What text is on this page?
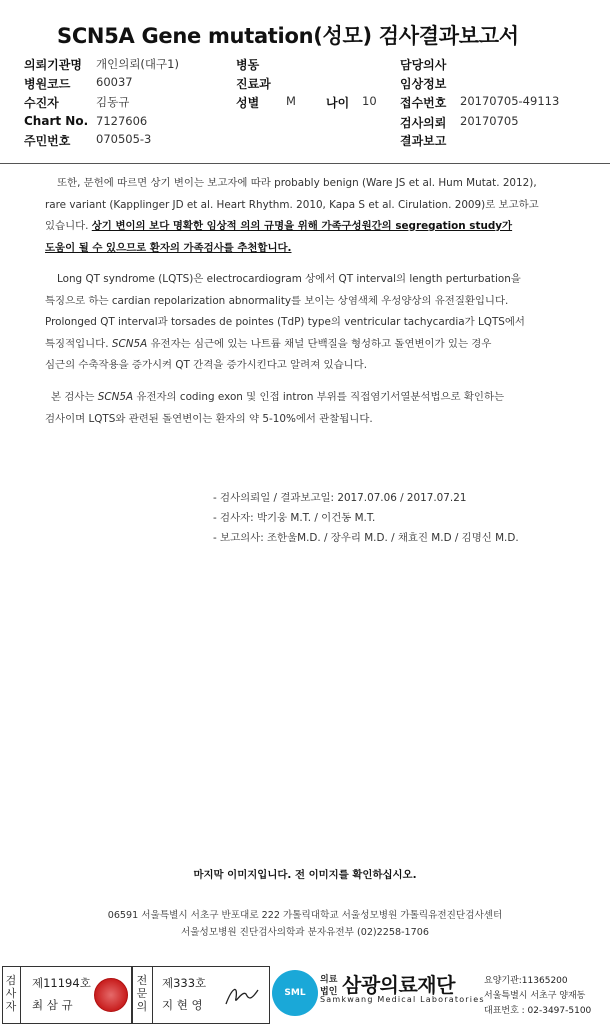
SCN5A Gene mutation(성모) 검사결과보고서
의뢰기관명 개인의뢰(대구1)
병원코드 60037
수진자	김동규
Chart No. 7127606
주민번호 070505-3
병동
진료과
성별 M	나이 10
담당의사
임상정보
접수번호 20170705-49113
검사의뢰 20170705
결과보고
또한, 문헌에 따르면 상기 변이는 보고자에 따라 probably benign (Ware JS et al. Hum Mutat. 2012),
rare variant (Kapplinger JD et al. Heart Rhythm. 2010, Kapa S et al. Cirulation. 2009)로 보고하고
있습니다. 상기 변이의 보다 명확한 임상적 의의 규명을 위해 가족구성원간의 segregation study가
도움이 될 수 있으므로 환자의 가족검사를 추천합니다.
Long QT syndrome (LQTS)은 electrocardiogram 상에서 QT interval의 length perturbation을
특징으로 하는 cardian repolarization abnormality를 보이는 상염색체 우성양상의 유전질환입니다.
Prolonged QT interval과 torsades de pointes (TdP) type의 ventricular tachycardia가 LQTS에서
특징적입니다. SCN5A 유전자는 심근에 있는 나트륨 채널 단백질을 형성하고 돌연변이가 있는 경우
심근의 수축작용을 증가시켜 QT 간격을 증가시킨다고 알려져 있습니다.
본 검사는 SCN5A 유전자의 coding exon 및 인접 intron 부위를 직접염기서열분석법으로 확인하는
검사이며 LQTS와 관련된 돌연변이는 환자의 약 5-10%에서 관찰됩니다.
- 검사의뢰일 / 결과보고일: 2017.07.06 / 2017.07.21
- 검사자: 박기웅 M.T. / 이건동 M.T.
- 보고의사: 조한울M.D. / 장우리 M.D. / 채효진 M.D / 김명신 M.D.
마지막 이미지입니다. 전 이미지를 확인하십시오.
06591 서울특별시 서초구 반포대로 222 가톨릭대학교 서울성모병원 가톨릭유전진단검사센터
서울성모병원 진단검사의학과 분자유전부 (02)2258-1706
검사자
제11194호
최 삼 규
전문의
제333호
지 현 영
SML
의료
법인 삼광의료재단
Samkwang Medical Laboratories
요양기관:11365200
서울특별시 서초구 양재동
대표번호 : 02-3497-5100
